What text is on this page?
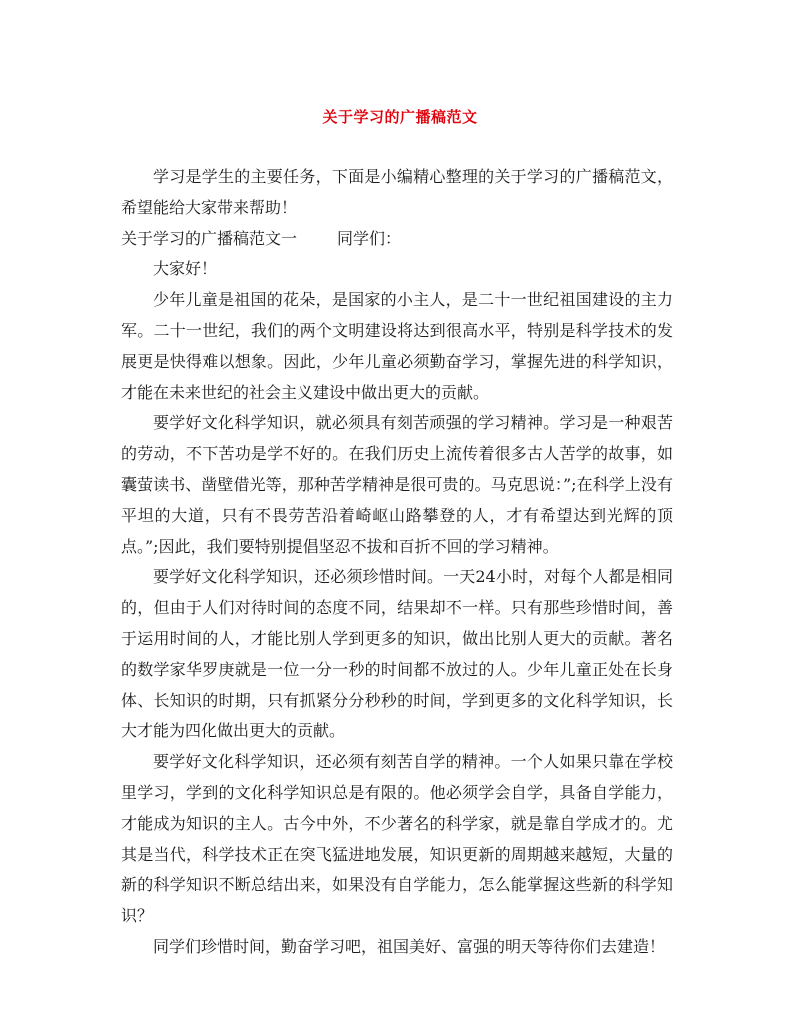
关于学习的广播稿范文

学习是学生的主要任务，下面是小编精心整理的关于学习的广播稿范文，希望能给大家带来帮助！

关于学习的广播稿范文一	同学们：

大家好！

少年儿童是祖国的花朵，是国家的小主人，是二十一世纪祖国建设的主力军。二十一世纪，我们的两个文明建设将达到很高水平，特别是科学技术的发展更是快得难以想象。因此，少年儿童必须勤奋学习，掌握先进的科学知识，才能在未来世纪的社会主义建设中做出更大的贡献。

要学好文化科学知识，就必须具有刻苦顽强的学习精神。学习是一种艰苦的劳动，不下苦功是学不好的。在我们历史上流传着很多古人苦学的故事，如囊萤读书、凿壁借光等，那种苦学精神是很可贵的。马克思说：”;在科学上没有平坦的大道，只有不畏劳苦沿着崎岖山路攀登的人，才有希望达到光辉的顶点。”;因此，我们要特别提倡坚忍不拔和百折不回的学习精神。

要学好文化科学知识，还必须珍惜时间。一天24小时，对每个人都是相同的，但由于人们对待时间的态度不同，结果却不一样。只有那些珍惜时间，善于运用时间的人，才能比别人学到更多的知识，做出比别人更大的贡献。著名的数学家华罗庚就是一位一分一秒的时间都不放过的人。少年儿童正处在长身体、长知识的时期，只有抓紧分分秒秒的时间，学到更多的文化科学知识，长大才能为四化做出更大的贡献。

要学好文化科学知识，还必须有刻苦自学的精神。一个人如果只靠在学校里学习，学到的文化科学知识总是有限的。他必须学会自学，具备自学能力，才能成为知识的主人。古今中外，不少著名的科学家，就是靠自学成才的。尤其是当代，科学技术正在突飞猛进地发展，知识更新的周期越来越短，大量的新的科学知识不断总结出来，如果没有自学能力，怎么能掌握这些新的科学知识？

同学们珍惜时间，勤奋学习吧，祖国美好、富强的明天等待你们去建造！
